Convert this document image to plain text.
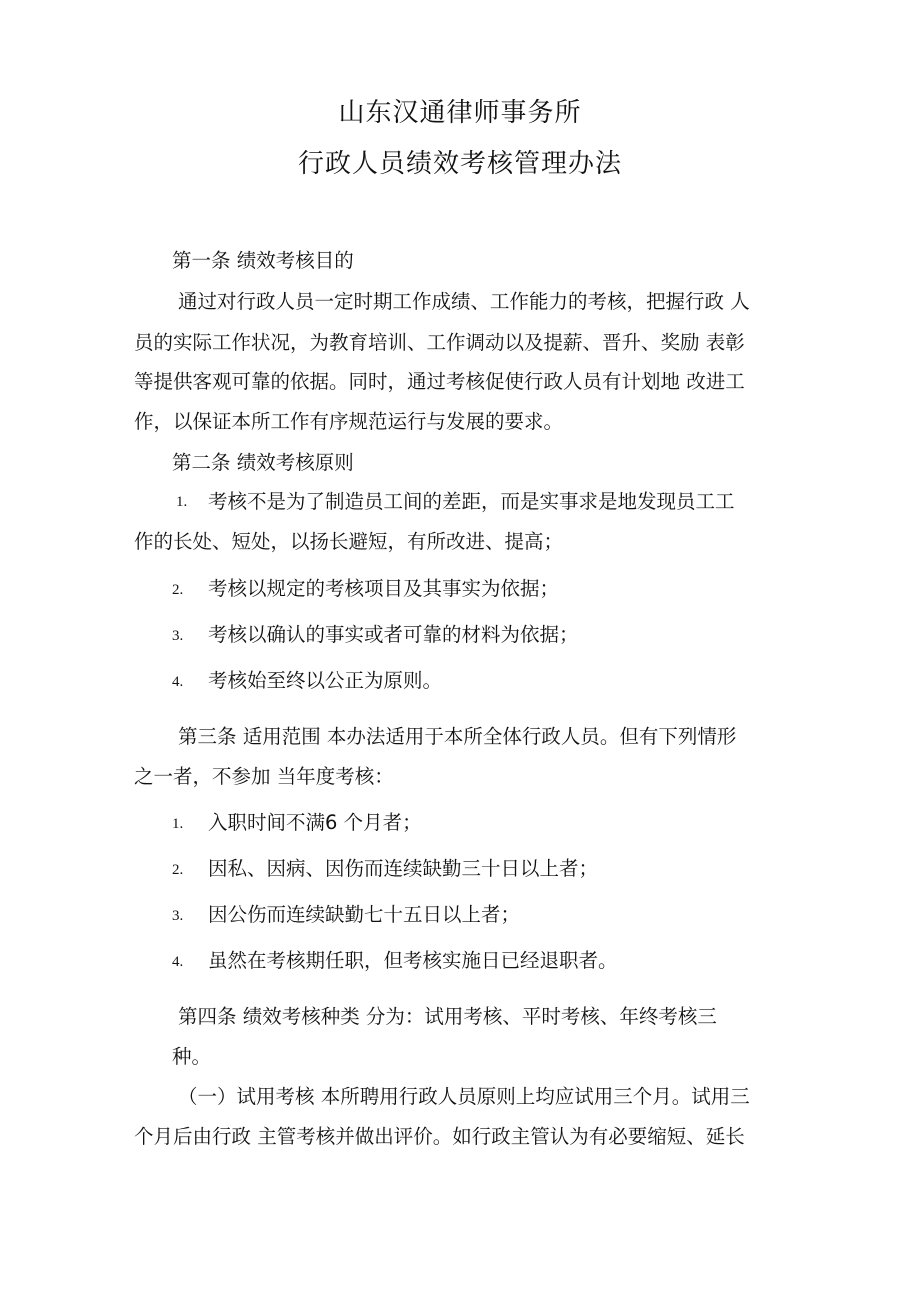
山东汉通律师事务所
行政人员绩效考核管理办法
第一条 绩效考核目的
通过对行政人员一定时期工作成绩、工作能力的考核，把握行政 人
员的实际工作状况，为教育培训、工作调动以及提薪、晋升、奖励 表彰
等提供客观可靠的依据。同时，通过考核促使行政人员有计划地 改进工
作，以保证本所工作有序规范运行与发展的要求。
第二条 绩效考核原则
1. 考核不是为了制造员工间的差距，而是实事求是地发现员工工
作的长处、短处，以扬长避短，有所改进、提高；
2. 考核以规定的考核项目及其事实为依据；
3. 考核以确认的事实或者可靠的材料为依据；
4. 考核始至终以公正为原则。
第三条 适用范围 本办法适用于本所全体行政人员。但有下列情形
之一者，不参加 当年度考核：
1. 入职时间不满6 个月者；
2. 因私、因病、因伤而连续缺勤三十日以上者；
3. 因公伤而连续缺勤七十五日以上者；
4. 虽然在考核期任职，但考核实施日已经退职者。
第四条 绩效考核种类 分为：试用考核、平时考核、年终考核三
种。
（一）试用考核 本所聘用行政人员原则上均应试用三个月。试用三
个月后由行政 主管考核并做出评价。如行政主管认为有必要缩短、延长
